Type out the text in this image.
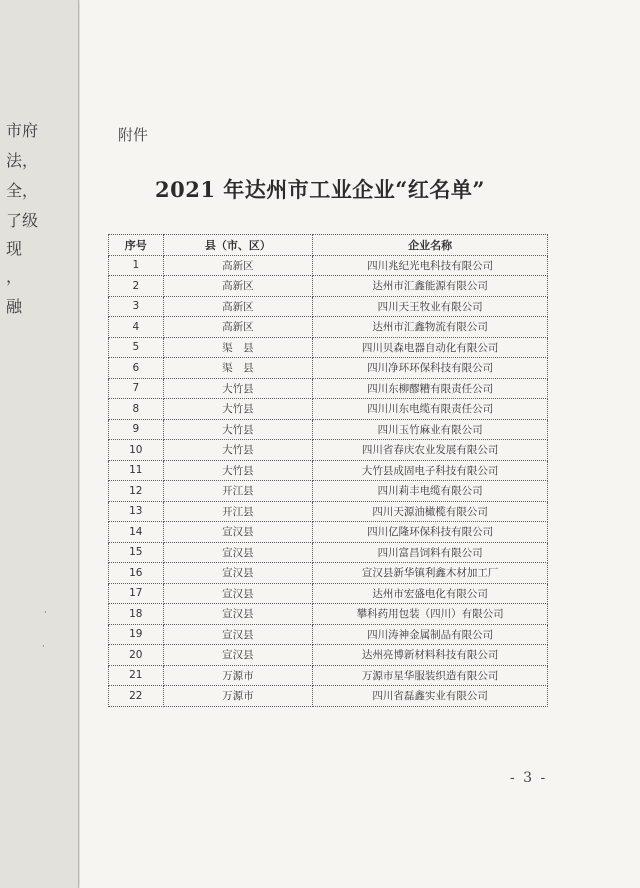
市府
法，
全，
了级
现
，
融
附件
2021 年达州市工业企业“红名单”
序号	县（市、区）	企业名称
1	高新区	四川兆纪光电科技有限公司
2	高新区	达州市汇鑫能源有限公司
3	高新区	四川天王牧业有限公司
4	高新区	达州市汇鑫物流有限公司
5	渠　县	四川贝森电器自动化有限公司
6	渠　县	四川净环环保科技有限公司
7	大竹县	四川东柳醪糟有限责任公司
8	大竹县	四川川东电缆有限责任公司
9	大竹县	四川玉竹麻业有限公司
10	大竹县	四川省春庆农业发展有限公司
11	大竹县	大竹县成固电子科技有限公司
12	开江县	四川莉丰电缆有限公司
13	开江县	四川天源油橄榄有限公司
14	宣汉县	四川亿隆环保科技有限公司
15	宣汉县	四川富昌饲料有限公司
16	宣汉县	宣汉县新华镇利鑫木材加工厂
17	宣汉县	达州市宏盛电化有限公司
18	宣汉县	攀科药用包装（四川）有限公司
19	宣汉县	四川涛神金属制品有限公司
20	宣汉县	达州亮博新材料科技有限公司
21	万源市	万源市星华服装织造有限公司
22	万源市	四川省磊鑫实业有限公司
- 3 -
·
·
